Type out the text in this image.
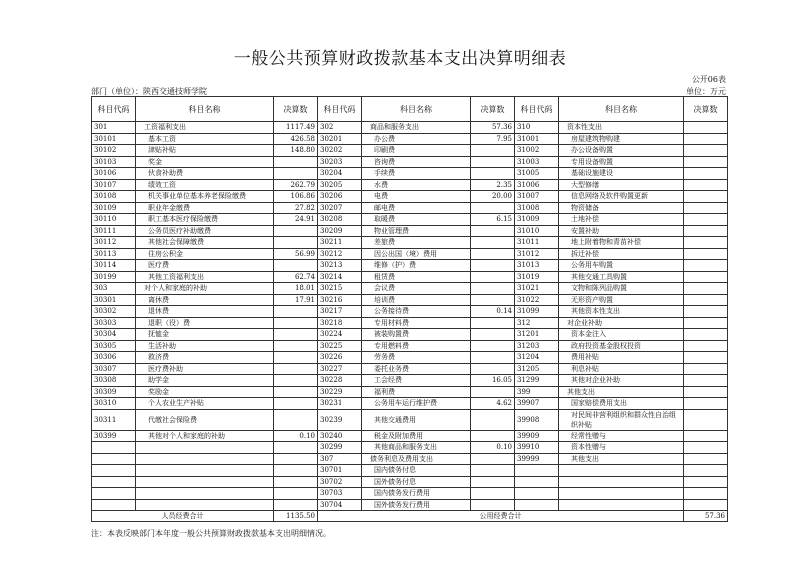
一般公共预算财政拨款基本支出决算明细表
公开06表
部门（单位）：陕西交通技师学院	单位：万元
科目代码	科目名称	决算数	科目代码	科目名称	决算数	科目代码	科目名称	决算数
301	工资福利支出	1117.49	302	商品和服务支出	57.36	310	资本性支出	
30101	基本工资	426.58	30201	办公费	7.95	31001	房屋建筑物购建	
30102	津贴补贴	148.80	30202	印刷费		31002	办公设备购置	
30103	奖金		30203	咨询费		31003	专用设备购置	
30106	伙食补助费		30204	手续费		31005	基础设施建设	
30107	绩效工资	262.79	30205	水费	2.35	31006	大型修缮	
30108	机关事业单位基本养老保险缴费	106.86	30206	电费	20.00	31007	信息网络及软件购置更新	
30109	职业年金缴费	27.82	30207	邮电费		31008	物资储备	
30110	职工基本医疗保险缴费	24.91	30208	取暖费	6.15	31009	土地补偿	
30111	公务员医疗补助缴费		30209	物业管理费		31010	安置补助	
30112	其他社会保障缴费		30211	差旅费		31011	地上附着物和青苗补偿	
30113	住房公积金	56.99	30212	因公出国（境）费用		31012	拆迁补偿	
30114	医疗费		30213	维修（护）费		31013	公务用车购置	
30199	其他工资福利支出	62.74	30214	租赁费		31019	其他交通工具购置	
303	对个人和家庭的补助	18.01	30215	会议费		31021	文物和陈列品购置	
30301	离休费	17.91	30216	培训费		31022	无形资产购置	
30302	退休费		30217	公务接待费	0.14	31099	其他资本性支出	
30303	退职（役）费		30218	专用材料费		312	对企业补助	
30304	抚恤金		30224	被装购置费		31201	资本金注入	
30305	生活补助		30225	专用燃料费		31203	政府投资基金股权投资	
30306	救济费		30226	劳务费		31204	费用补贴	
30307	医疗费补助		30227	委托业务费		31205	利息补贴	
30308	助学金		30228	工会经费	16.05	31299	其他对企业补助	
30309	奖励金		30229	福利费		399	其他支出	
30310	个人农业生产补贴		30231	公务用车运行维护费	4.62	39907	国家赔偿费用支出	
30311	代缴社会保险费		30239	其他交通费用		39908	对民间非营利组织和群众性自治组织补贴	
30399	其他对个人和家庭的补助	0.10	30240	税金及附加费用		39909	经常性赠与	
			30299	其他商品和服务支出	0.10	39910	资本性赠与	
			307	债务利息及费用支出		39999	其他支出	
			30701	国内债务付息				
			30702	国外债务付息				
			30703	国内债务发行费用				
			30704	国外债务发行费用				
人员经费合计		1135.50	公用经费合计					57.36
注：本表反映部门本年度一般公共预算财政拨款基本支出明细情况。
